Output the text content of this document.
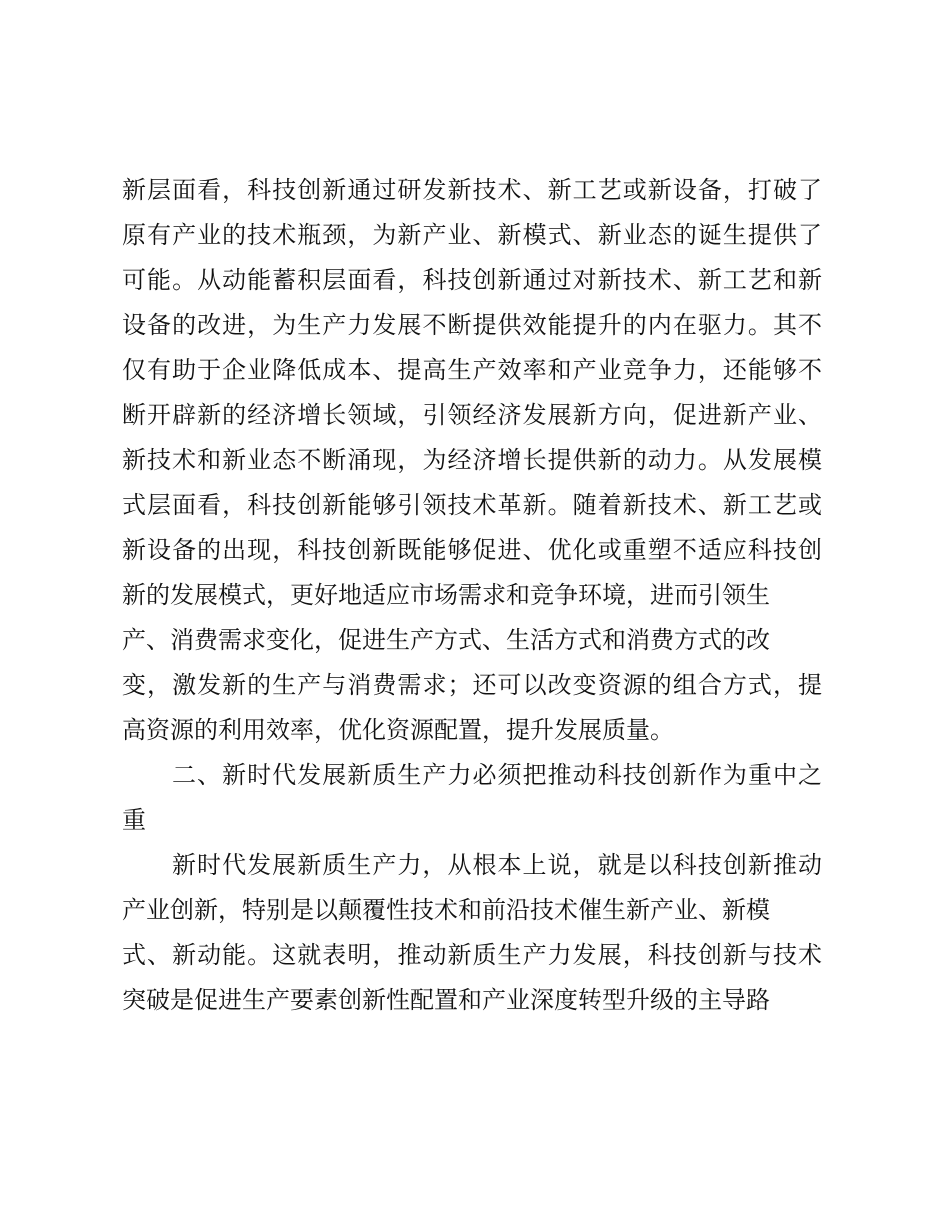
新层面看，科技创新通过研发新技术、新工艺或新设备，打破了
原有产业的技术瓶颈，为新产业、新模式、新业态的诞生提供了
可能。从动能蓄积层面看，科技创新通过对新技术、新工艺和新
设备的改进，为生产力发展不断提供效能提升的内在驱力。其不
仅有助于企业降低成本、提高生产效率和产业竞争力，还能够不
断开辟新的经济增长领域，引领经济发展新方向，促进新产业、
新技术和新业态不断涌现，为经济增长提供新的动力。从发展模
式层面看，科技创新能够引领技术革新。随着新技术、新工艺或
新设备的出现，科技创新既能够促进、优化或重塑不适应科技创
新的发展模式，更好地适应市场需求和竞争环境，进而引领生
产、消费需求变化，促进生产方式、生活方式和消费方式的改
变，激发新的生产与消费需求；还可以改变资源的组合方式，提
高资源的利用效率，优化资源配置，提升发展质量。
二、新时代发展新质生产力必须把推动科技创新作为重中之
重
新时代发展新质生产力，从根本上说，就是以科技创新推动
产业创新，特别是以颠覆性技术和前沿技术催生新产业、新模
式、新动能。这就表明，推动新质生产力发展，科技创新与技术
突破是促进生产要素创新性配置和产业深度转型升级的主导路
